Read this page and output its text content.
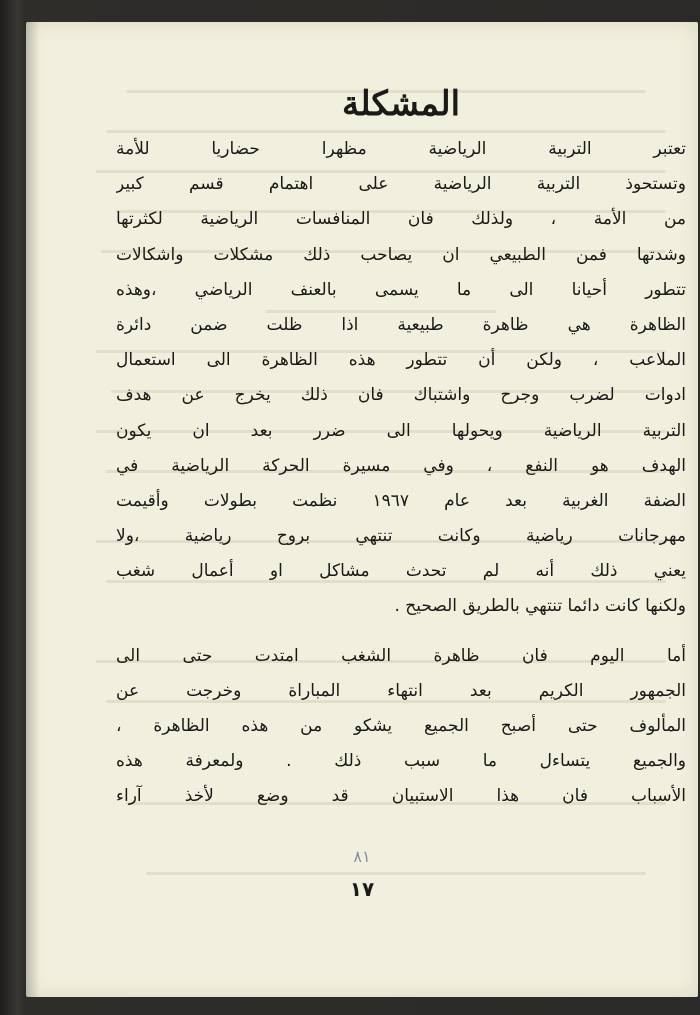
المشكلة
تعتبر التربية الرياضية مظهرا حضاريا للأمة
وتستحوذ التربية الرياضية على اهتمام قسم كبير
من الأمة ، ولذلك فان المنافسات الرياضية لكثرتها
وشدتها فمن الطبيعي ان يصاحب ذلك مشكلات واشكالات
تتطور أحيانا الى ما يسمى بالعنف الرياضي ،وهذه
الظاهرة هي ظاهرة طبيعية اذا ظلت ضمن دائرة
الملاعب ، ولكن أن تتطور هذه الظاهرة الى استعمال
ادوات لضرب وجرح واشتباك فان ذلك يخرج عن هدف
التربية الرياضية ويحولها الى ضرر بعد ان يكون
الهدف هو النفع ، وفي مسيرة الحركة الرياضية في
الضفة الغربية بعد عام ١٩٦٧ نظمت بطولات وأقيمت
مهرجانات رياضية وكانت تنتهي بروح رياضية ،ولا
يعني ذلك أنه لم تحدث مشاكل او أعمال شغب
ولكنها كانت دائما تنتهي بالطريق الصحيح .
أما اليوم فان ظاهرة الشغب امتدت حتى الى
الجمهور الكريم بعد انتهاء المباراة وخرجت عن
المألوف حتى أصبح الجميع يشكو من هذه الظاهرة ،
والجميع يتساءل ما سبب ذلك . ولمعرفة هذه
الأسباب فان هذا الاستبيان قد وضع لأخذ آراء
٨١
١٧
